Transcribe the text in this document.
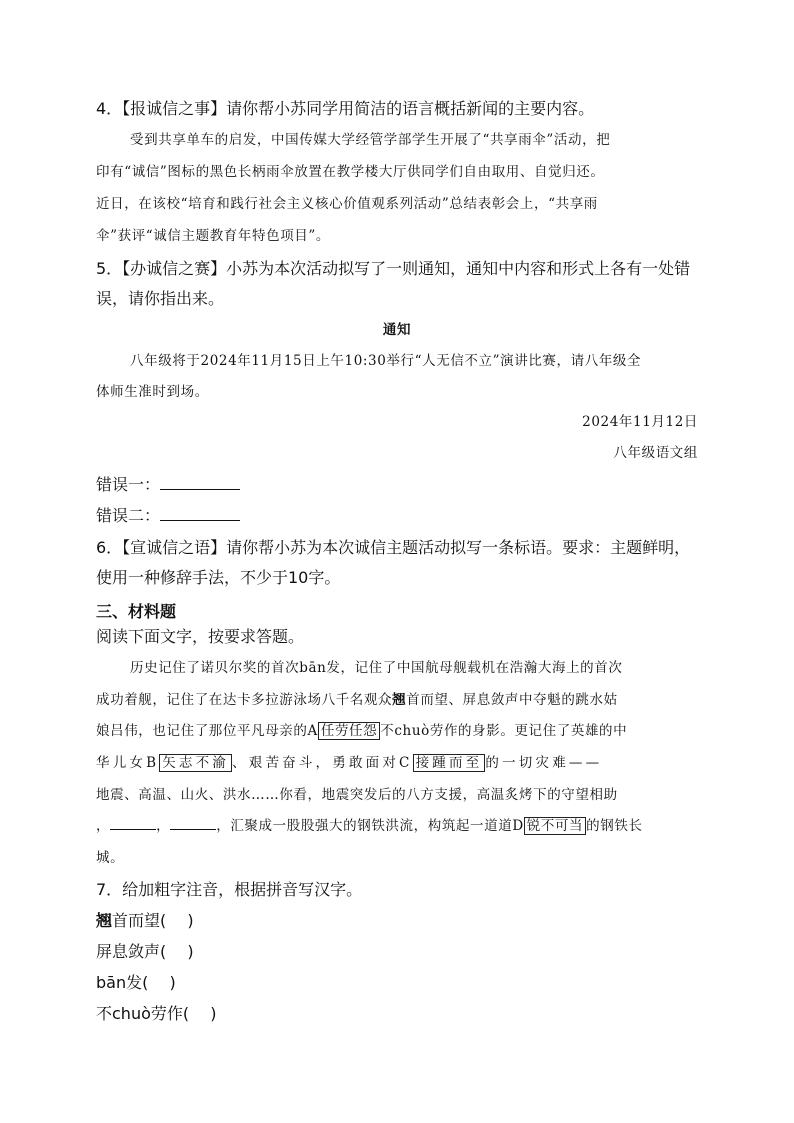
4．【报诚信之事】请你帮小苏同学用简洁的语言概括新闻的主要内容。
受到共享单车的启发，中国传媒大学经管学部学生开展了“共享雨伞”活动，把
印有“诚信”图标的黑色长柄雨伞放置在教学楼大厅供同学们自由取用、自觉归还。
近日，在该校“培育和践行社会主义核心价值观系列活动”总结表彰会上，“共享雨
伞”获评“诚信主题教育年特色项目”。
5．【办诚信之赛】小苏为本次活动拟写了一则通知，通知中内容和形式上各有一处错
误，请你指出来。
通知
八年级将于2024年11月15日上午10:30举行“人无信不立”演讲比赛，请八年级全
体师生准时到场。
2024年11月12日
八年级语文组
错误一：
错误二：
6．【宣诚信之语】请你帮小苏为本次诚信主题活动拟写一条标语。要求：主题鲜明，
使用一种修辞手法，不少于10字。
三、材料题
阅读下面文字，按要求答题。
历史记住了诺贝尔奖的首次bān发，记住了中国航母舰载机在浩瀚大海上的首次
成功着舰，记住了在达卡多拉游泳场八千名观众翘首而望、屏息敛声中夺魁的跳水姑
娘吕伟，也记住了那位平凡母亲的A 任劳任怨 不chuò劳作的身影。更记住了英雄的中
华儿女B 矢志不渝 、艰苦奋斗，勇敢面对C 接踵而至 的一切灾难——
地震、高温、山火、洪水……你看，地震突发后的八方支援，高温炙烤下的守望相助
，	，	，汇聚成一股股强大的钢铁洪流，构筑起一道道D 锐不可当 的钢铁长
城。
7．给加粗字注音，根据拼音写汉字。
翘首而望(　 )
屏息敛声(　 )
bān发(　 )
不chuò劳作(　 )
